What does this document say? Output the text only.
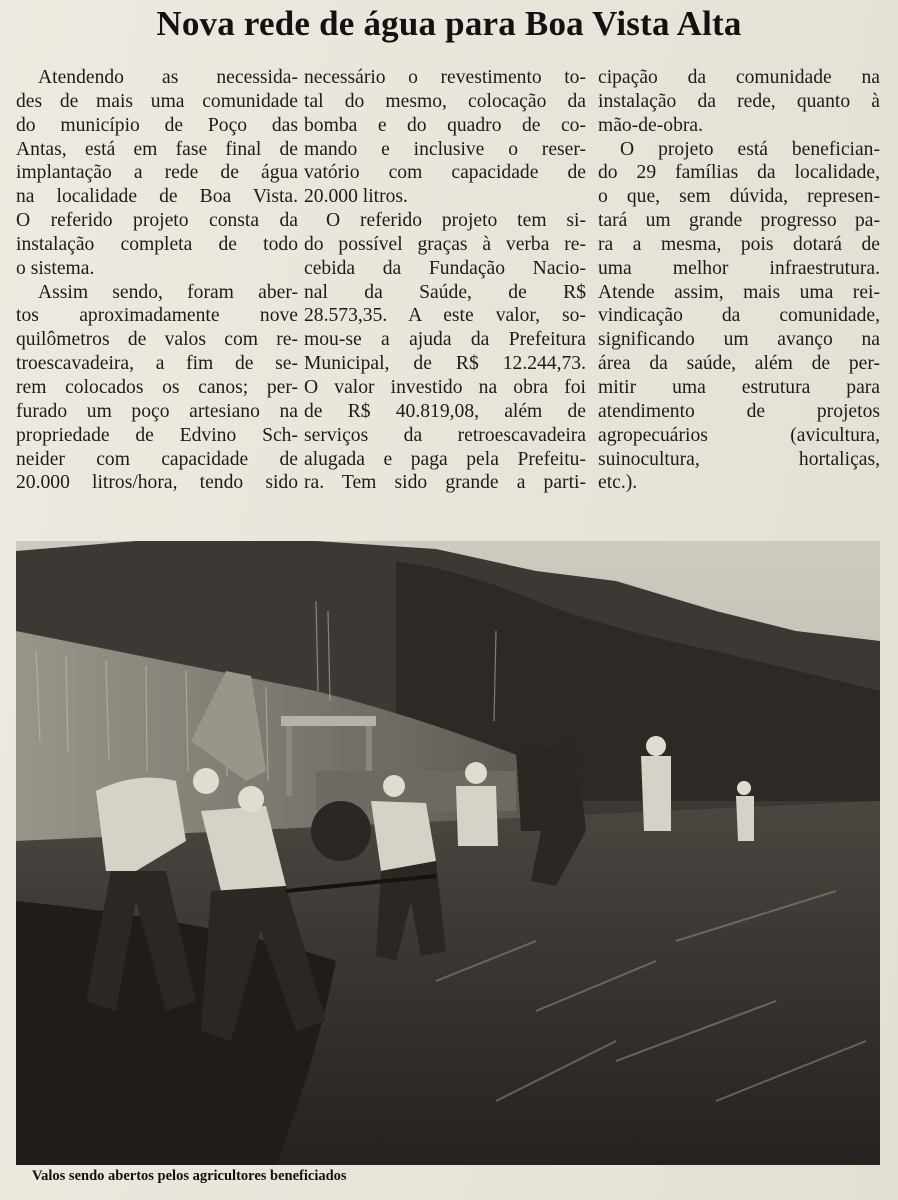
Nova rede de água para Boa Vista Alta

Atendendo as necessida-
des de mais uma comunidade
do município de Poço das
Antas, está em fase final de
implantação a rede de água
na localidade de Boa Vista.
O referido projeto consta da
instalação completa de todo
o sistema.

Assim sendo, foram aber-
tos aproximadamente nove
quilômetros de valos com re-
troescavadeira, a fim de se-
rem colocados os canos; per-
furado um poço artesiano na
propriedade de Edvino Sch-
neider com capacidade de
20.000 litros/hora, tendo sido

necessário o revestimento to-
tal do mesmo, colocação da
bomba e do quadro de co-
mando e inclusive o reser-
vatório com capacidade de
20.000 litros.

O referido projeto tem si-
do possível graças à verba re-
cebida da Fundação Nacio-
nal da Saúde, de R$
28.573,35. A este valor, so-
mou-se a ajuda da Prefeitura
Municipal, de R$ 12.244,73.
O valor investido na obra foi
de R$ 40.819,08, além de
serviços da retroescavadeira
alugada e paga pela Prefeitu-
ra. Tem sido grande a parti-

cipação da comunidade na
instalação da rede, quanto à
mão-de-obra.

O projeto está benefician-
do 29 famílias da localidade,
o que, sem dúvida, represen-
tará um grande progresso pa-
ra a mesma, pois dotará de
uma melhor infraestrutura.
Atende assim, mais uma rei-
vindicação da comunidade,
significando um avanço na
área da saúde, além de per-
mitir uma estrutura para
atendimento de projetos
agropecuários (avicultura,
suinocultura, hortaliças,
etc.).

Valos sendo abertos pelos agricultores beneficiados
